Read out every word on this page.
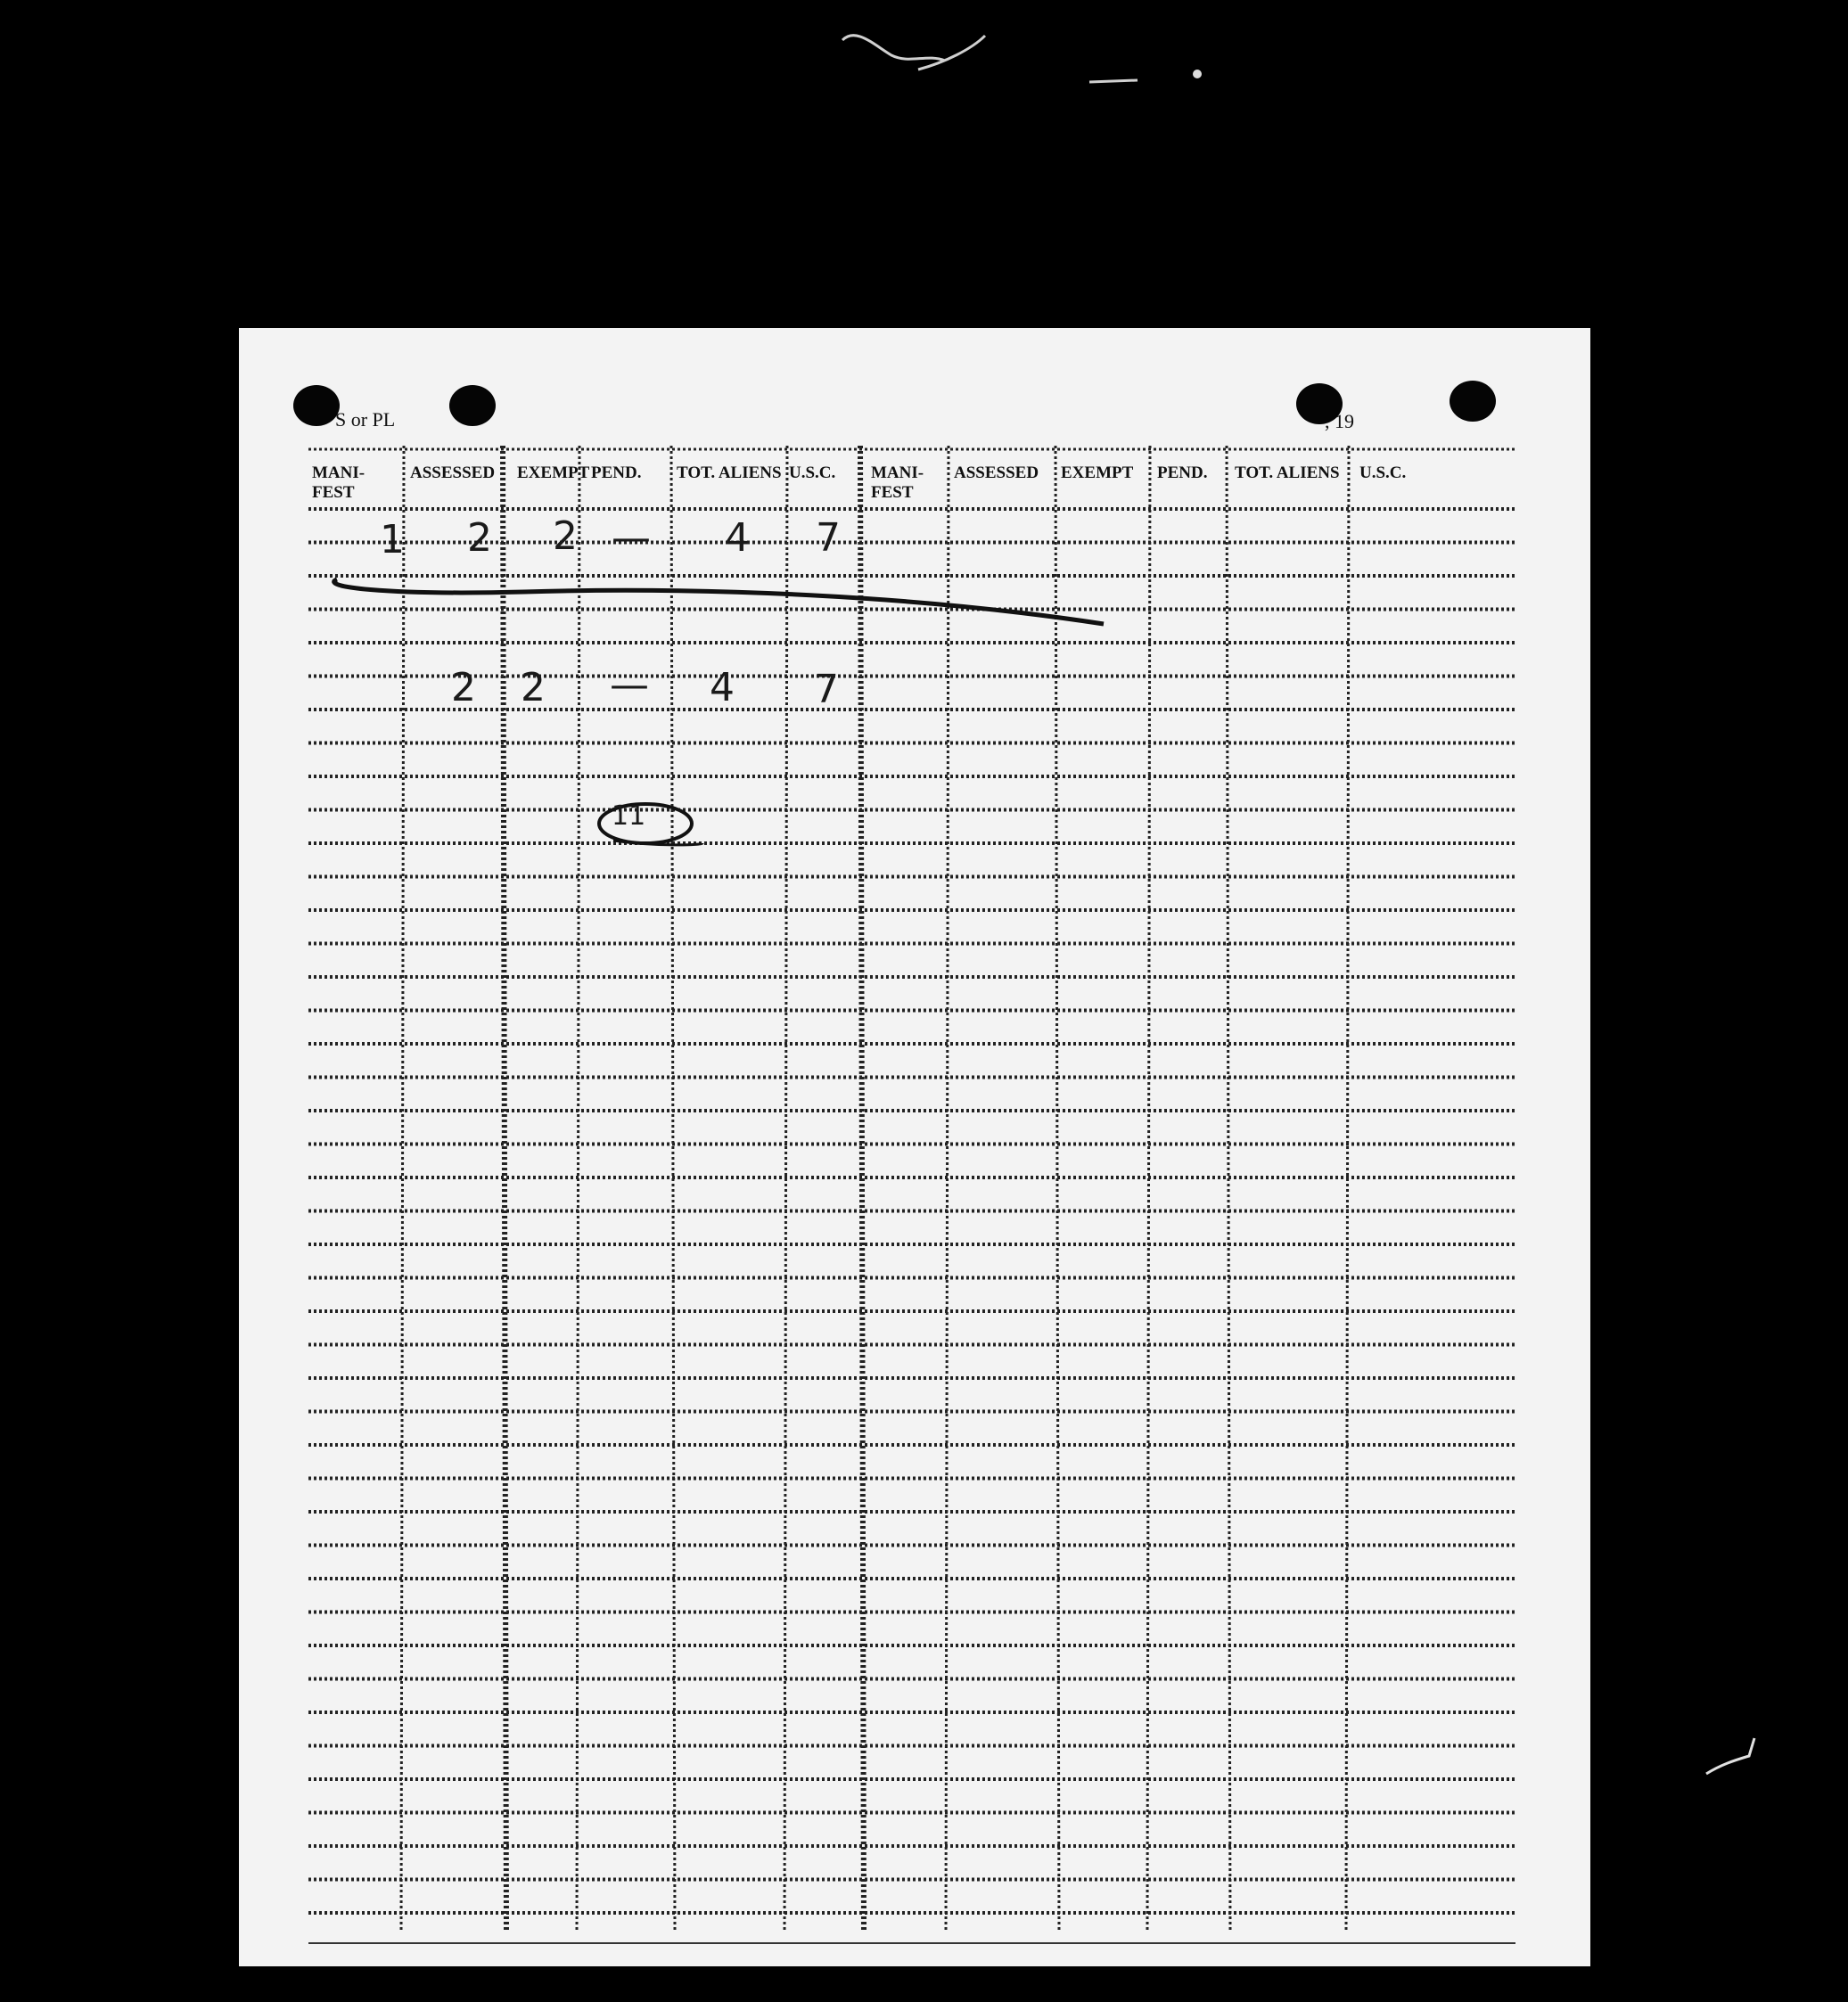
S or PL	, 19
MANI- FEST
ASSESSED EXEMPT PEND. TOT. ALIENS U.S.C. MANI- FEST
ASSESSED EXEMPT PEND. TOT. ALIENS U.S.C.
1 2 2 — 4 7
2 2 — 4 7
11
